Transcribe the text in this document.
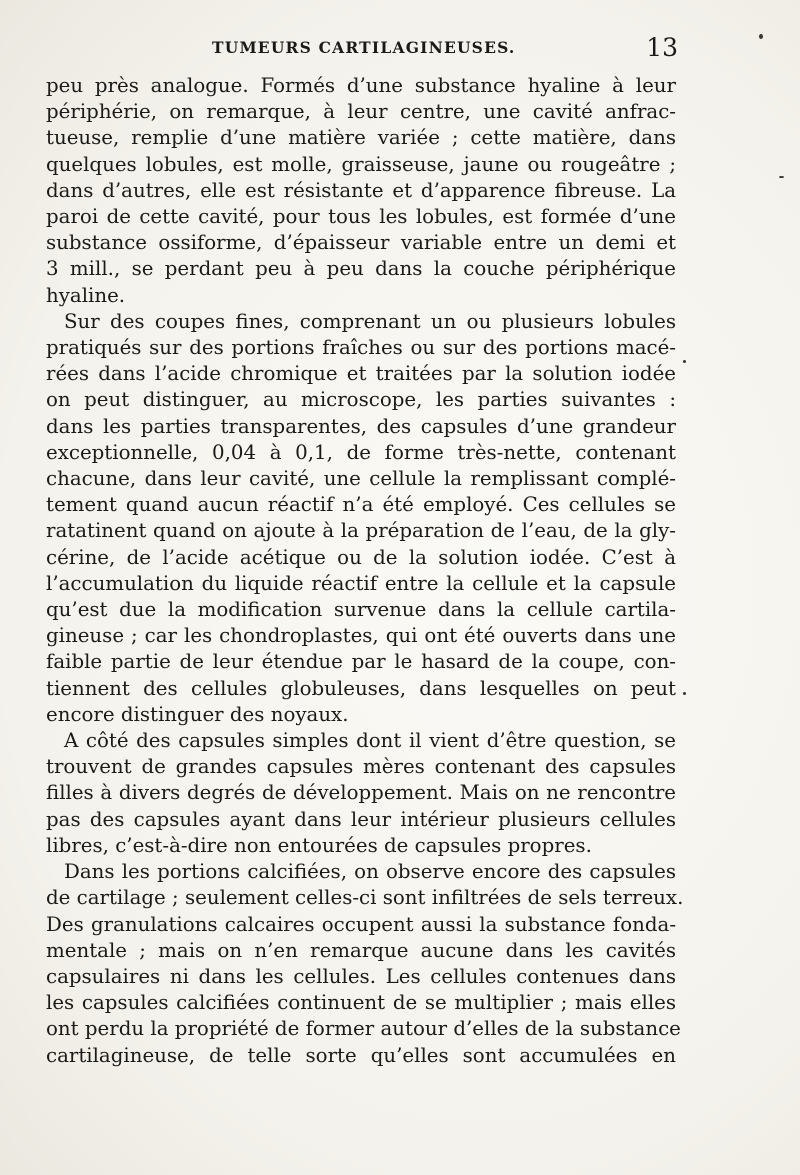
TUMEURS CARTILAGINEUSES.	13
peu près analogue. Formés d’une substance hyaline à leur
périphérie, on remarque, à leur centre, une cavité anfrac-
tueuse, remplie d’une matière variée ; cette matière, dans
quelques lobules, est molle, graisseuse, jaune ou rougeâtre ;
dans d’autres, elle est résistante et d’apparence fibreuse. La
paroi de cette cavité, pour tous les lobules, est formée d’une
substance ossiforme, d’épaisseur variable entre un demi et
3 mill., se perdant peu à peu dans la couche périphérique
hyaline.
Sur des coupes fines, comprenant un ou plusieurs lobules
pratiqués sur des portions fraîches ou sur des portions macé-
rées dans l’acide chromique et traitées par la solution iodée
on peut distinguer, au microscope, les parties suivantes :
dans les parties transparentes, des capsules d’une grandeur
exceptionnelle, 0,04 à 0,1, de forme très-nette, contenant
chacune, dans leur cavité, une cellule la remplissant complé-
tement quand aucun réactif n’a été employé. Ces cellules se
ratatinent quand on ajoute à la préparation de l’eau, de la gly-
cérine, de l’acide acétique ou de la solution iodée. C’est à
l’accumulation du liquide réactif entre la cellule et la capsule
qu’est due la modification survenue dans la cellule cartila-
gineuse ; car les chondroplastes, qui ont été ouverts dans une
faible partie de leur étendue par le hasard de la coupe, con-
tiennent des cellules globuleuses, dans lesquelles on peut
encore distinguer des noyaux.
A côté des capsules simples dont il vient d’être question, se
trouvent de grandes capsules mères contenant des capsules
filles à divers degrés de développement. Mais on ne rencontre
pas des capsules ayant dans leur intérieur plusieurs cellules
libres, c’est-à-dire non entourées de capsules propres.
Dans les portions calcifiées, on observe encore des capsules
de cartilage ; seulement celles-ci sont infiltrées de sels terreux.
Des granulations calcaires occupent aussi la substance fonda-
mentale ; mais on n’en remarque aucune dans les cavités
capsulaires ni dans les cellules. Les cellules contenues dans
les capsules calcifiées continuent de se multiplier ; mais elles
ont perdu la propriété de former autour d’elles de la substance
cartilagineuse, de telle sorte qu’elles sont accumulées en
